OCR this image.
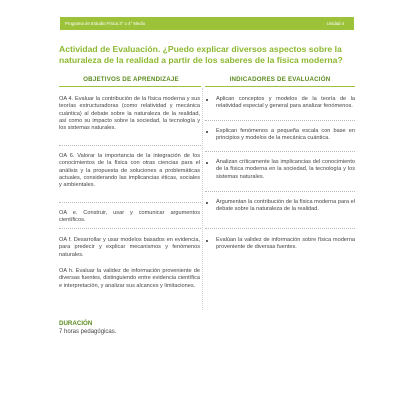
Programa de Estudio Física 3° o 4° Medio	Unidad 4
Actividad de Evaluación. ¿Puedo explicar diversos aspectos sobre la naturaleza de la realidad a partir de los saberes de la física moderna?
OBJETIVOS DE APRENDIZAJE	INDICADORES DE EVALUACIÓN

OA 4. Evaluar la contribución de la física moderna y sus teorías estructuradoras (como relatividad y mecánica cuántica) al debate sobre la naturaleza de la realidad, así como su impacto sobre la sociedad, la tecnología y los sistemas naturales.

OA 6. Valorar la importancia de la integración de los conocimientos de la física con otras ciencias para el análisis y la propuesta de soluciones a problemáticas actuales, considerando las implicancias éticas, sociales y ambientales.

OA e. Construir, usar y comunicar argumentos científicos.

OA f. Desarrollar y usar modelos basados en evidencia, para predecir y explicar mecanismos y fenómenos naturales.

OA h. Evaluar la validez de información proveniente de diversas fuentes, distinguiendo entre evidencia científica e interpretación, y analizar sus alcances y limitaciones.

Aplican conceptos y modelos de la teoría de la relatividad especial y general para analizar fenómenos.

Explican fenómenos a pequeña escala con base en principios y modelos de la mecánica cuántica.

Analizan críticamente las implicancias del conocimiento de la física moderna en la sociedad, la tecnología y los sistemas naturales.

Argumentan la contribución de la física moderna para el debate sobre la naturaleza de la realidad.

Evalúan la validez de información sobre física moderna proveniente de diversas fuentes.

DURACIÓN
7 horas pedagógicas.
